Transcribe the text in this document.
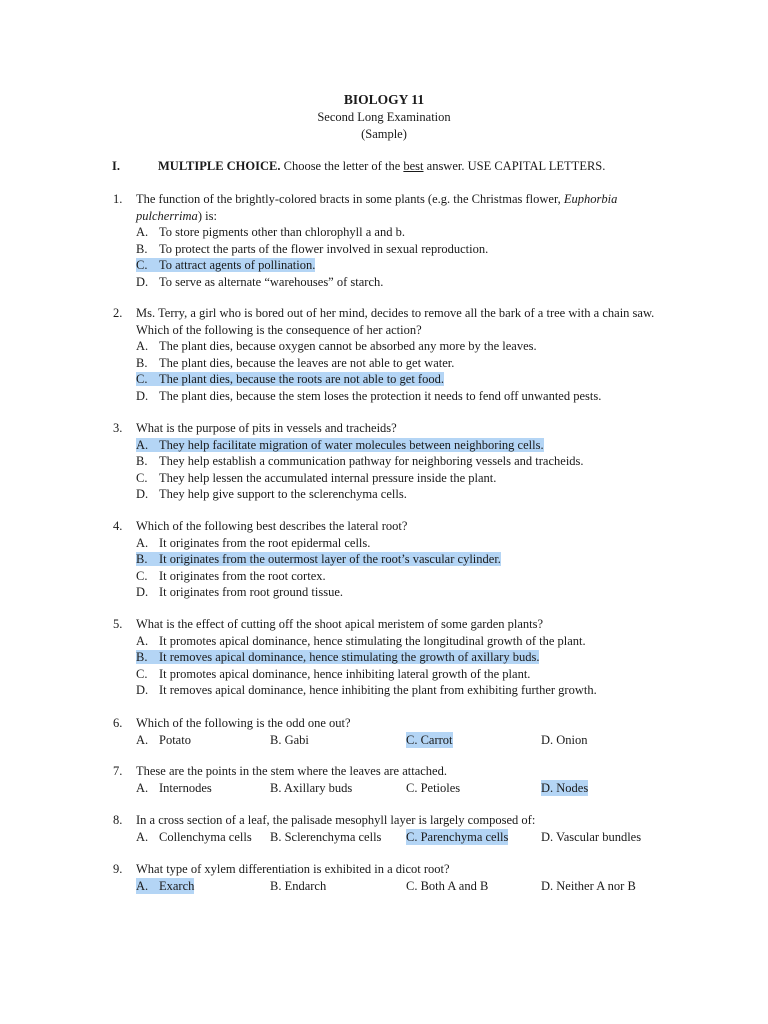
BIOLOGY 11
Second Long Examination
(Sample)
I.	MULTIPLE CHOICE. Choose the letter of the best answer. USE CAPITAL LETTERS.
1. The function of the brightly-colored bracts in some plants (e.g. the Christmas flower, Euphorbia pulcherrima) is:
A. To store pigments other than chlorophyll a and b.
B. To protect the parts of the flower involved in sexual reproduction.
C. To attract agents of pollination.
D. To serve as alternate “warehouses” of starch.
2. Ms. Terry, a girl who is bored out of her mind, decides to remove all the bark of a tree with a chain saw. Which of the following is the consequence of her action?
A. The plant dies, because oxygen cannot be absorbed any more by the leaves.
B. The plant dies, because the leaves are not able to get water.
C. The plant dies, because the roots are not able to get food.
D. The plant dies, because the stem loses the protection it needs to fend off unwanted pests.
3. What is the purpose of pits in vessels and tracheids?
A. They help facilitate migration of water molecules between neighboring cells.
B. They help establish a communication pathway for neighboring vessels and tracheids.
C. They help lessen the accumulated internal pressure inside the plant.
D. They help give support to the sclerenchyma cells.
4. Which of the following best describes the lateral root?
A. It originates from the root epidermal cells.
B. It originates from the outermost layer of the root’s vascular cylinder.
C. It originates from the root cortex.
D. It originates from root ground tissue.
5. What is the effect of cutting off the shoot apical meristem of some garden plants?
A. It promotes apical dominance, hence stimulating the longitudinal growth of the plant.
B. It removes apical dominance, hence stimulating the growth of axillary buds.
C. It promotes apical dominance, hence inhibiting lateral growth of the plant.
D. It removes apical dominance, hence inhibiting the plant from exhibiting further growth.
6. Which of the following is the odd one out?
A. Potato	B. Gabi	C. Carrot	D. Onion
7. These are the points in the stem where the leaves are attached.
A. Internodes	B. Axillary buds	C. Petioles	D. Nodes
8. In a cross section of a leaf, the palisade mesophyll layer is largely composed of:
A. Collenchyma cells B. Sclerenchyma cells C. Parenchyma cells	D. Vascular bundles
9. What type of xylem differentiation is exhibited in a dicot root?
A. Exarch	B. Endarch	C. Both A and B	D. Neither A nor B
